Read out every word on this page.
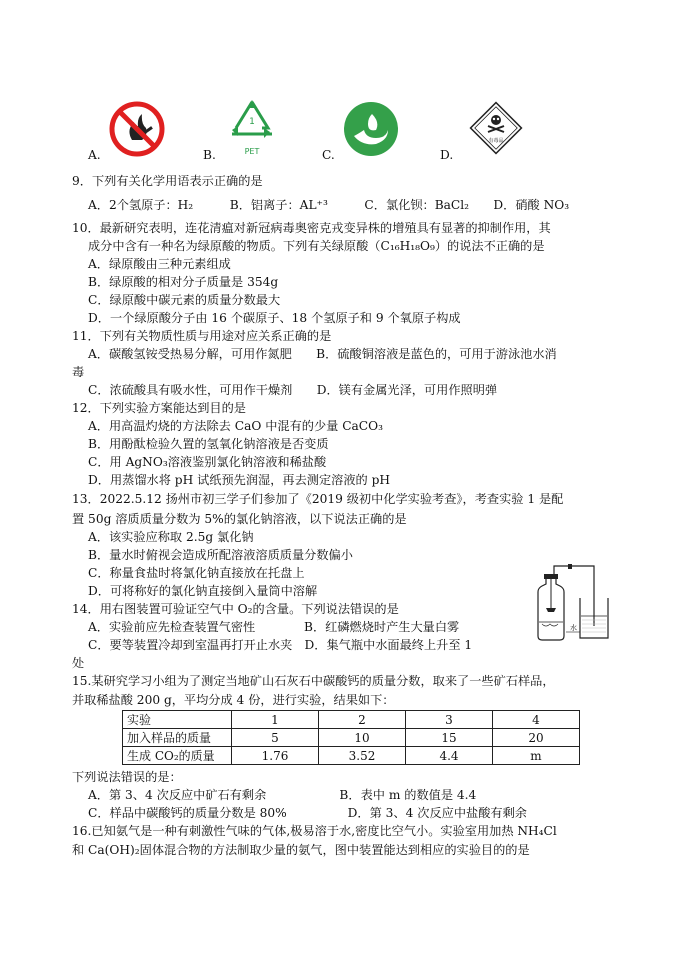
A.	B.
1
PET	C.	D.
有毒品
9．下列有关化学用语表示正确的是
A．2个氢原子：H₂　　　B．铝离子：AL⁺³　　　C．氯化钡：BaCl₂　　D．硝酸 NO₃
10．最新研究表明，连花清瘟对新冠病毒奥密克戎变异株的增殖具有显著的抑制作用，其
成分中含有一种名为绿原酸的物质。下列有关绿原酸（C₁₆H₁₈O₉）的说法不正确的是
A．绿原酸由三种元素组成
B．绿原酸的相对分子质量是 354g
C．绿原酸中碳元素的质量分数最大
D．一个绿原酸分子由 16 个碳原子、18 个氢原子和 9 个氧原子构成
11．下列有关物质性质与用途对应关系正确的是
A．碳酸氢铵受热易分解，可用作氮肥　　B．硫酸铜溶液是蓝色的，可用于游泳池水消
毒
C．浓硫酸具有吸水性，可用作干燥剂　　D．镁有金属光泽，可用作照明弹
12．下列实验方案能达到目的是
A．用高温灼烧的方法除去 CaO 中混有的少量 CaCO₃
B．用酚酞检验久置的氢氧化钠溶液是否变质
C．用 AgNO₃溶液鉴别氯化钠溶液和稀盐酸
D．用蒸馏水将 pH 试纸预先润湿，再去测定溶液的 pH
13．2022.5.12 扬州市初三学子们参加了《2019 级初中化学实验考查》，考查实验 1 是配
置 50g 溶质质量分数为 5%的氯化钠溶液，以下说法正确的是
A．该实验应称取 2.5g 氯化钠
B．量水时俯视会造成所配溶液溶质质量分数偏小
C．称量食盐时将氯化钠直接放在托盘上
D．可将称好的氯化钠直接倒入量筒中溶解
水
14．用右图装置可验证空气中 O₂的含量。下列说法错误的是
A．实验前应先检查装置气密性　　　　B．红磷燃烧时产生大量白雾
C．要等装置冷却到室温再打开止水夹　D．集气瓶中水面最终上升至 1
处
15.某研究学习小组为了测定当地矿山石灰石中碳酸钙的质量分数，取来了一些矿石样品，
并取稀盐酸 200 g，平均分成 4 份，进行实验，结果如下：
实验	1	2	3	4
加入样品的质量	5	10	15	20
生成 CO₂的质量	1.76	3.52	4.4	m
下列说法错误的是：
A．第 3、4 次反应中矿石有剩余　　　　　　B．表中 m 的数值是 4.4
C．样品中碳酸钙的质量分数是 80%　　　　　D．第 3、4 次反应中盐酸有剩余
16.已知氨气是一种有刺激性气味的气体,极易溶于水,密度比空气小。实验室用加热 NH₄Cl
和 Ca(OH)₂固体混合物的方法制取少量的氨气，图中装置能达到相应的实验目的的是
